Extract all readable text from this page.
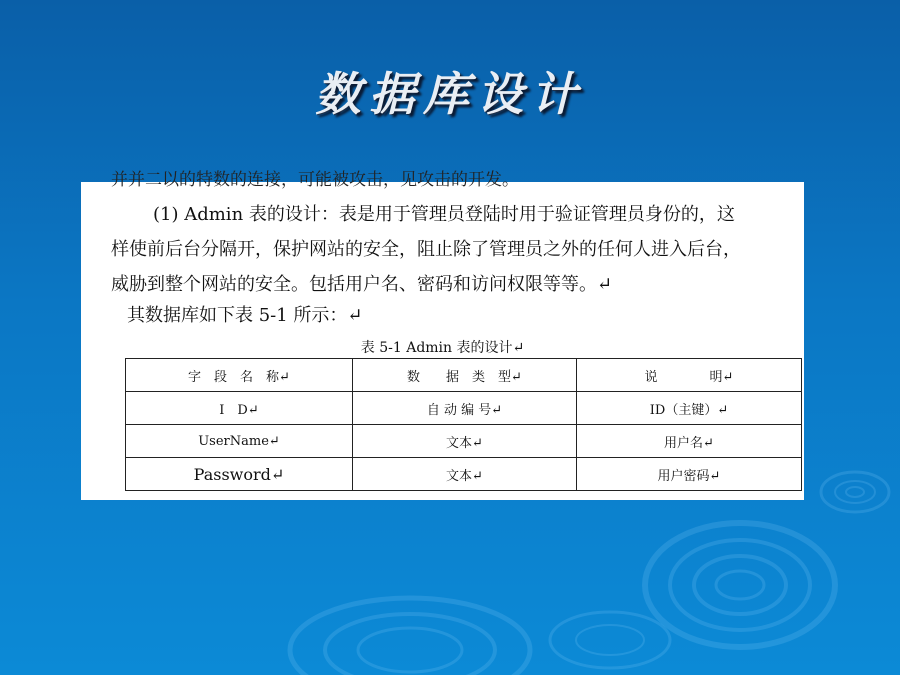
数据库设计
并并二以的特数的连接，可能被攻击，见攻击的开发。
(1) Admin 表的设计：表是用于管理员登陆时用于验证管理员身份的，这
样使前后台分隔开，保护网站的安全，阻止除了管理员之外的任何人进入后台，
威胁到整个网站的安全。包括用户名、密码和访问权限等等。↵
其数据库如下表 5-1 所示：↵
表 5-1 Admin 表的设计↵
字　段　名　称↵	数　　据　类　型↵	说　　　　明↵
I　D↵	自 动 编 号↵	ID（主键）↵
UserName↵	文本↵	用户名↵
Password↵	文本↵	用户密码↵
